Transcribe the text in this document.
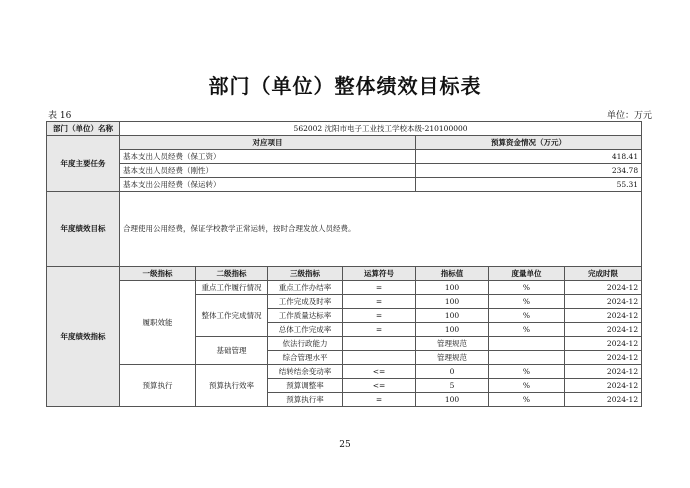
部门（单位）整体绩效目标表
表 16	单位：万元
部门（单位）名称	562002 沈阳市电子工业技工学校本级-210100000						
年度主要任务	对应项目				预算资金情况（万元）		
	基本支出人员经费（保工资）				418.41		
	基本支出人员经费（刚性）				234.78		
	基本支出公用经费（保运转）				55.31		
年度绩效目标	合理使用公用经费，保证学校教学正常运转，按时合理发放人员经费。						
年度绩效指标	一级指标	二级指标	三级指标	运算符号	指标值	度量单位	完成时限
	履职效能	重点工作履行情况	重点工作办结率	=	100	%	2024-12
		整体工作完成情况	工作完成及时率	=	100	%	2024-12
			工作质量达标率	=	100	%	2024-12
			总体工作完成率	=	100	%	2024-12
		基础管理	依法行政能力		管理规范		2024-12
			综合管理水平		管理规范		2024-12
	预算执行	预算执行效率	结转结余变动率	<=	0	%	2024-12
			预算调整率	<=	5	%	2024-12
			预算执行率	=	100	%	2024-12
25
